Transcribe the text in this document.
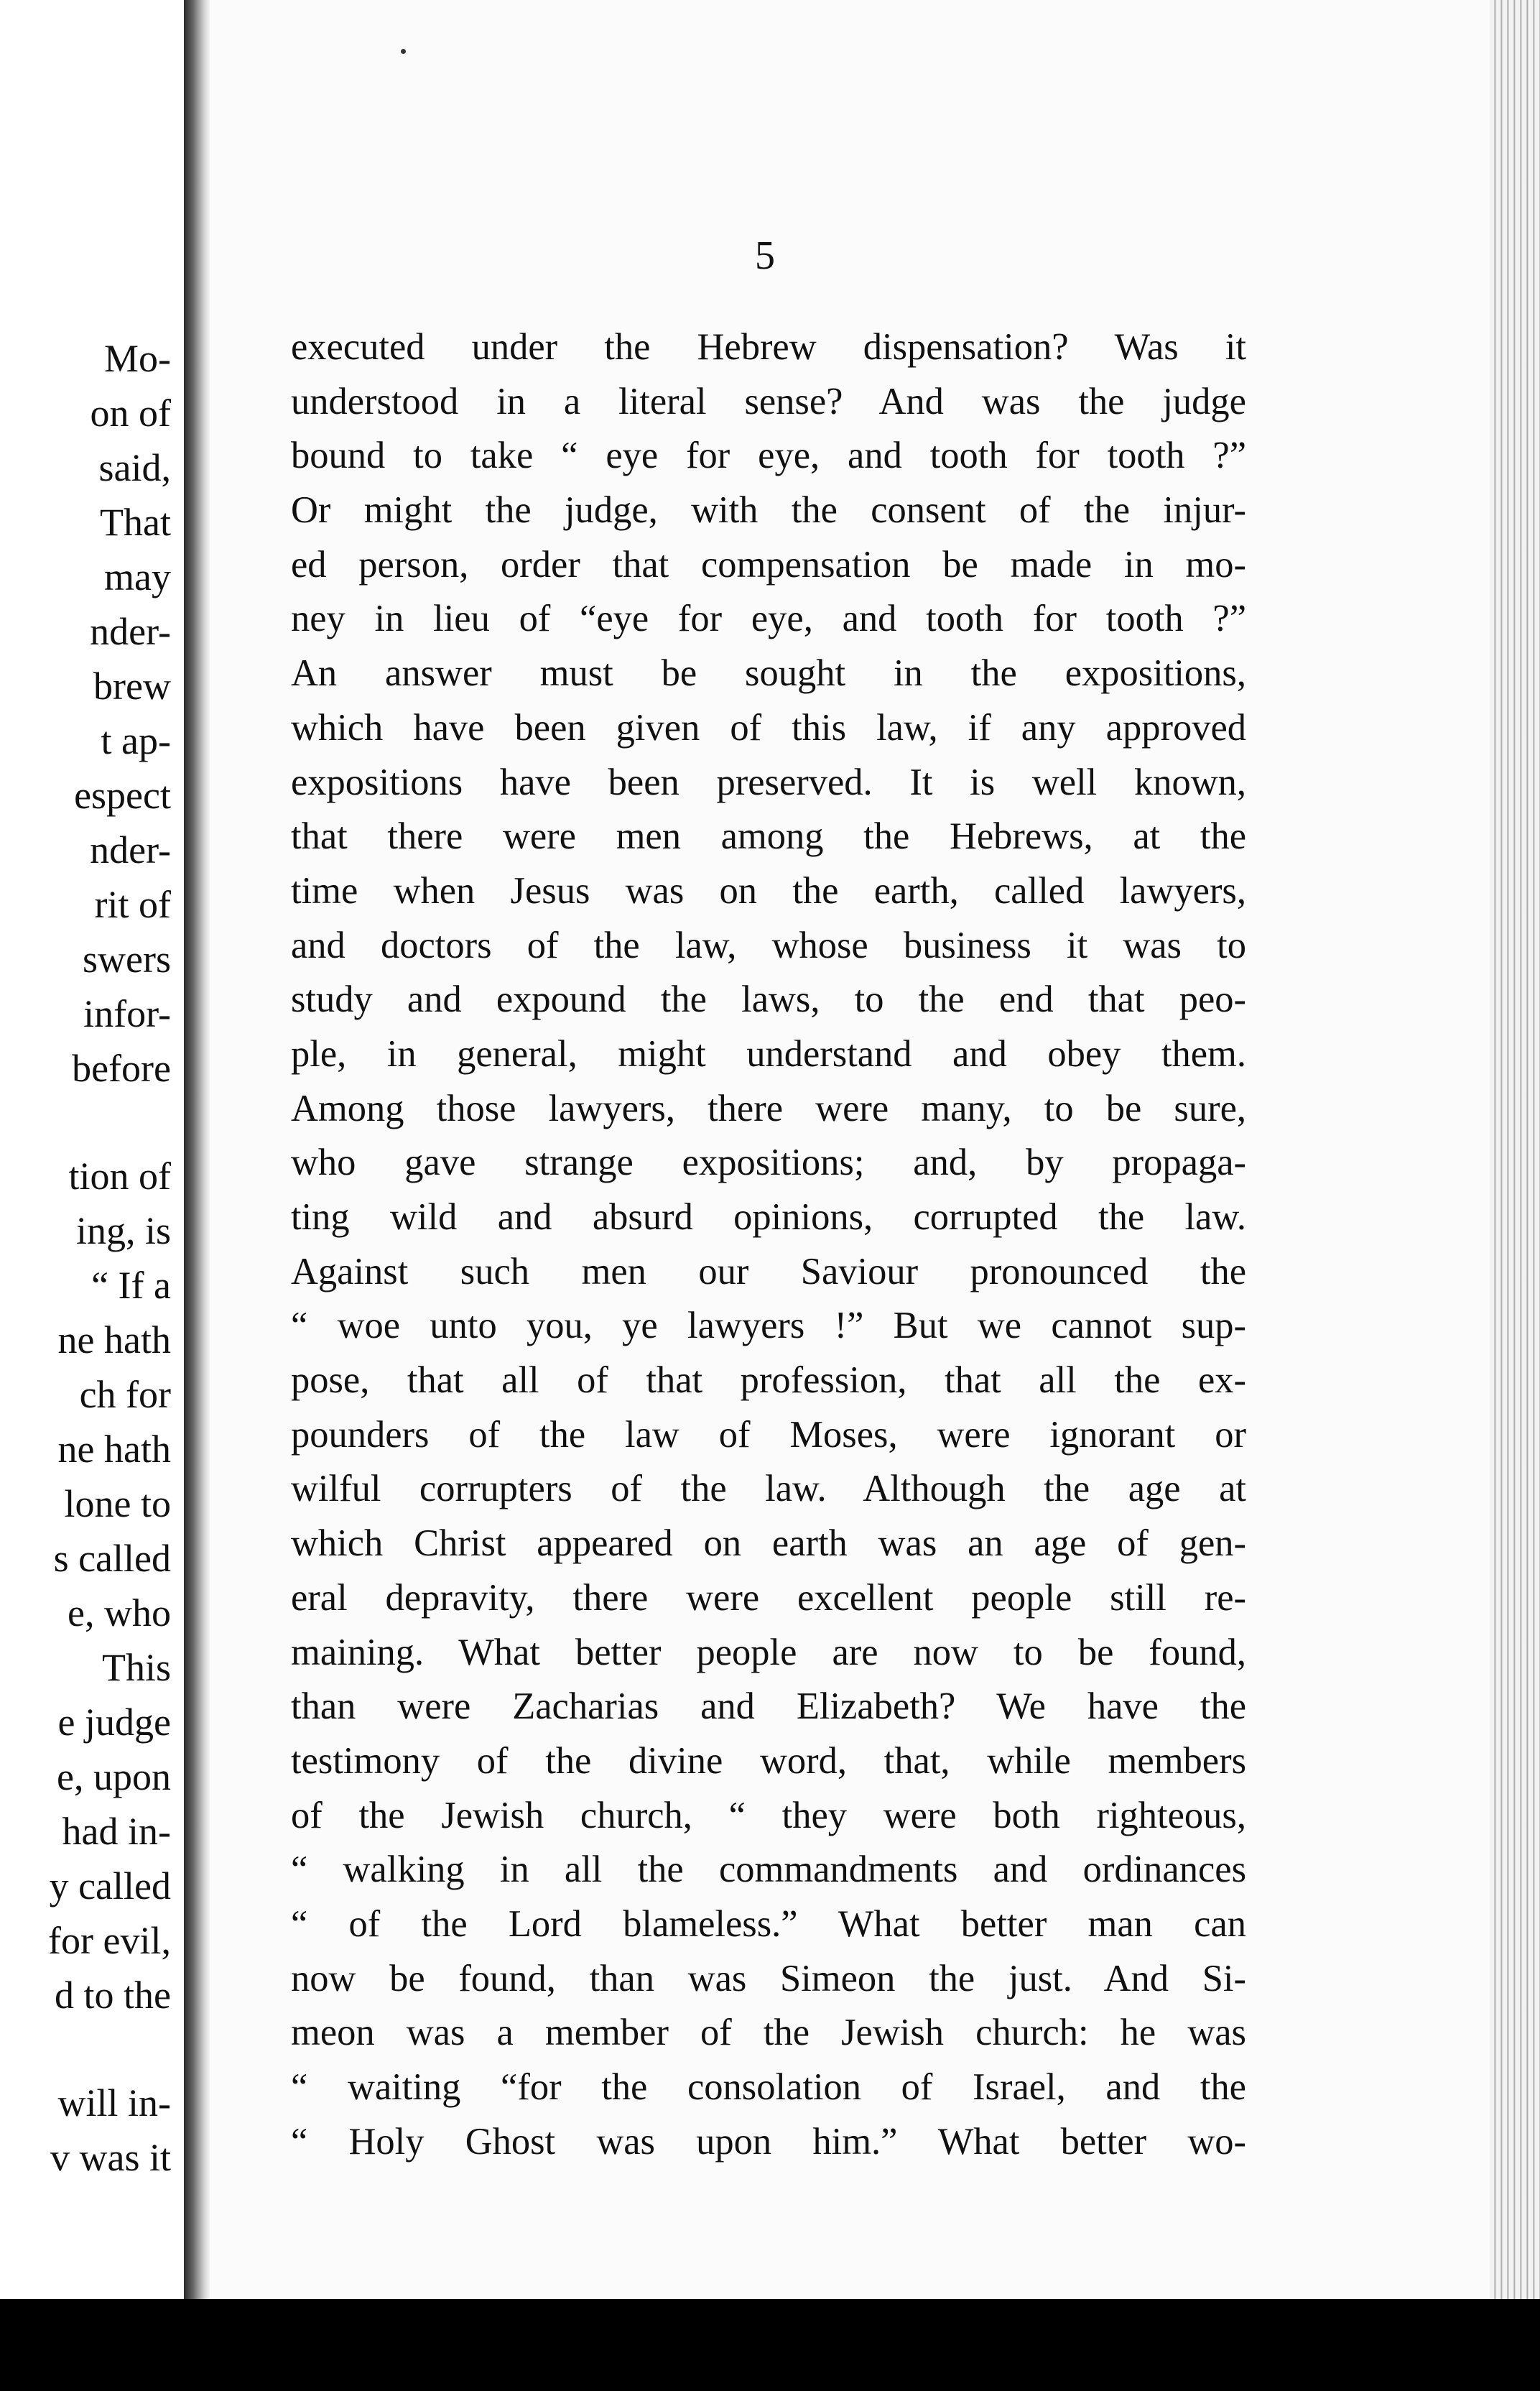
Mo-
on of
said,
That
may
nder-
brew
t ap-
espect
nder-
rit of
swers
infor-
before
tion of
ing, is
“ If a
ne hath
ch for
ne hath
lone to
s called
e, who
This
e judge
e, upon
had in-
y called
for evil,
d to the
will in-
v was it
5
executed under the Hebrew dispensation? Was it
understood in a literal sense? And was the judge
bound to take “ eye for eye, and tooth for tooth ?”
Or might the judge, with the consent of the injur-
ed person, order that compensation be made in mo-
ney in lieu of “eye for eye, and tooth for tooth ?”
An answer must be sought in the expositions,
which have been given of this law, if any approved
expositions have been preserved. It is well known,
that there were men among the Hebrews, at the
time when Jesus was on the earth, called lawyers,
and doctors of the law, whose business it was to
study and expound the laws, to the end that peo-
ple, in general, might understand and obey them.
Among those lawyers, there were many, to be sure,
who gave strange expositions; and, by propaga-
ting wild and absurd opinions, corrupted the law.
Against such men our Saviour pronounced the
“ woe unto you, ye lawyers !” But we cannot sup-
pose, that all of that profession, that all the ex-
pounders of the law of Moses, were ignorant or
wilful corrupters of the law. Although the age at
which Christ appeared on earth was an age of gen-
eral depravity, there were excellent people still re-
maining. What better people are now to be found,
than were Zacharias and Elizabeth? We have the
testimony of the divine word, that, while members
of the Jewish church, “ they were both righteous,
“ walking in all the commandments and ordinances
“ of the Lord blameless.” What better man can
now be found, than was Simeon the just. And Si-
meon was a member of the Jewish church: he was
“ waiting “for the consolation of Israel, and the
“ Holy Ghost was upon him.” What better wo-
